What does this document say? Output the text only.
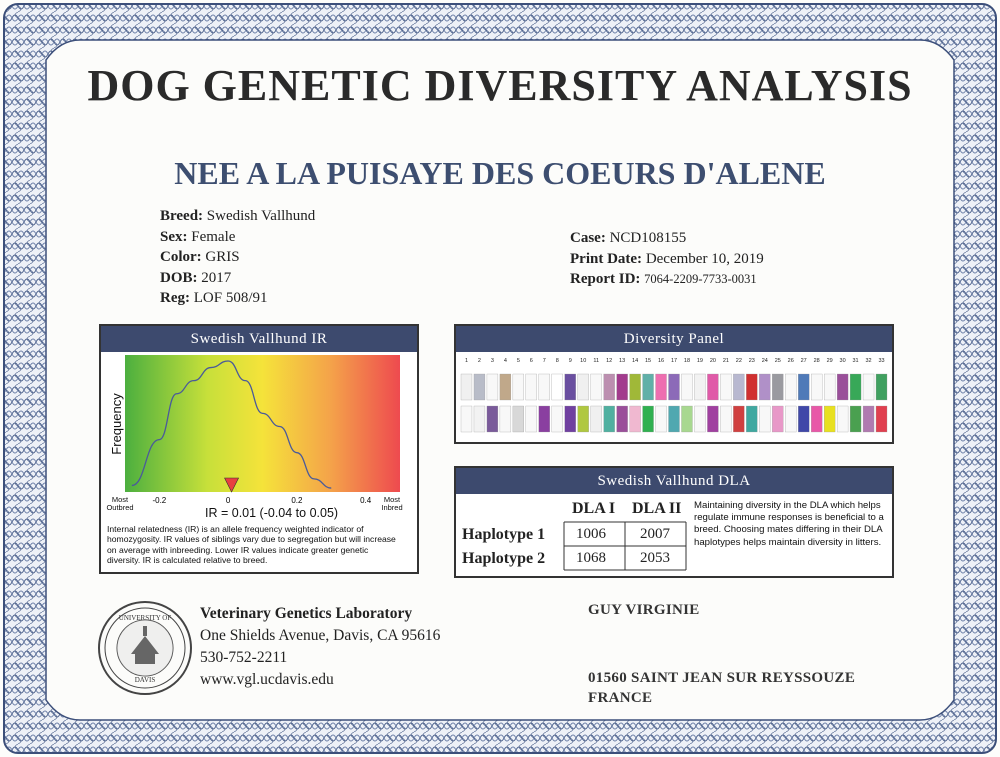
DOG GENETIC DIVERSITY ANALYSIS
NEE A LA PUISAYE DES COEURS D'ALENE
Breed: Swedish Vallhund
Sex: Female
Color: GRIS
DOB: 2017
Reg: LOF 508/91
Case: NCD108155
Print Date: December 10, 2019
Report ID: 7064-2209-7733-0031
Swedish Vallhund IR
Frequency
-0.2	0	0.2	0.4
Most Outbred
Most Inbred
IR = 0.01 (-0.04 to 0.05)
Internal relatedness (IR) is an allele frequency weighted indicator of homozygosity. IR values of siblings vary due to segregation but will increase on average with inbreeding. Lower IR values indicate greater genetic diversity. IR is calculated relative to breed.
Diversity Panel
1 2 3 4 5 6 7 8 9 10 11 12 13 14 15 16 17 18 19 20 21 22 23 24 25 26 27 28 29 30 31 32 33
Swedish Vallhund DLA
DLA I DLA II
Haplotype 1 1006 2007
Haplotype 2 1068 2053
Maintaining diversity in the DLA which helps regulate immune responses is beneficial to a breed. Choosing mates differing in their DLA haplotypes helps maintain diversity in litters.
UNIVERSITY OF
DAVIS
Veterinary Genetics Laboratory
One Shields Avenue, Davis, CA 95616
530-752-2211
www.vgl.ucdavis.edu
GUY VIRGINIE
01560 SAINT JEAN SUR REYSSOUZE
FRANCE
